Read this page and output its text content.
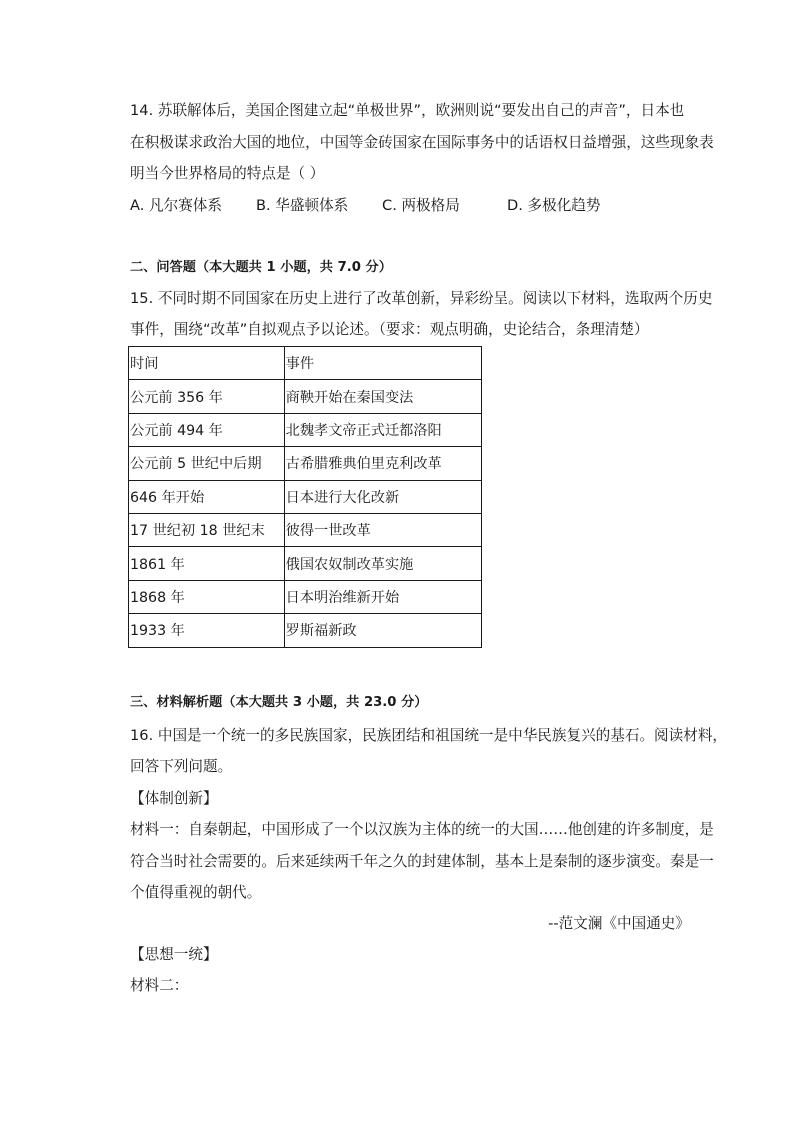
14. 苏联解体后，美国企图建立起“单极世界”，欧洲则说“要发出自己的声音”，日本也
在积极谋求政治大国的地位，中国等金砖国家在国际事务中的话语权日益增强，这些现象表
明当今世界格局的特点是（ ）
A. 凡尔赛体系 B. 华盛顿体系 C. 两极格局	D. 多极化趋势
二、问答题（本大题共 1 小题，共 7.0 分）
15. 不同时期不同国家在历史上进行了改革创新，异彩纷呈。阅读以下材料，选取两个历史
事件，围绕“改革”自拟观点予以论述。（要求：观点明确，史论结合，条理清楚）
时间	事件
公元前 356 年	商鞅开始在秦国变法
公元前 494 年	北魏孝文帝正式迁都洛阳
公元前 5 世纪中后期	古希腊雅典伯里克利改革
646 年开始	日本进行大化改新
17 世纪初 18 世纪末	彼得一世改革
1861 年	俄国农奴制改革实施
1868 年	日本明治维新开始
1933 年	罗斯福新政
三、材料解析题（本大题共 3 小题，共 23.0 分）
16. 中国是一个统一的多民族国家，民族团结和祖国统一是中华民族复兴的基石。阅读材料，
回答下列问题。
【体制创新】
材料一：自秦朝起，中国形成了一个以汉族为主体的统一的大国……他创建的许多制度，是
符合当时社会需要的。后来延续两千年之久的封建体制，基本上是秦制的逐步演变。秦是一
个值得重视的朝代。
--范文澜《中国通史》
【思想一统】
材料二：
